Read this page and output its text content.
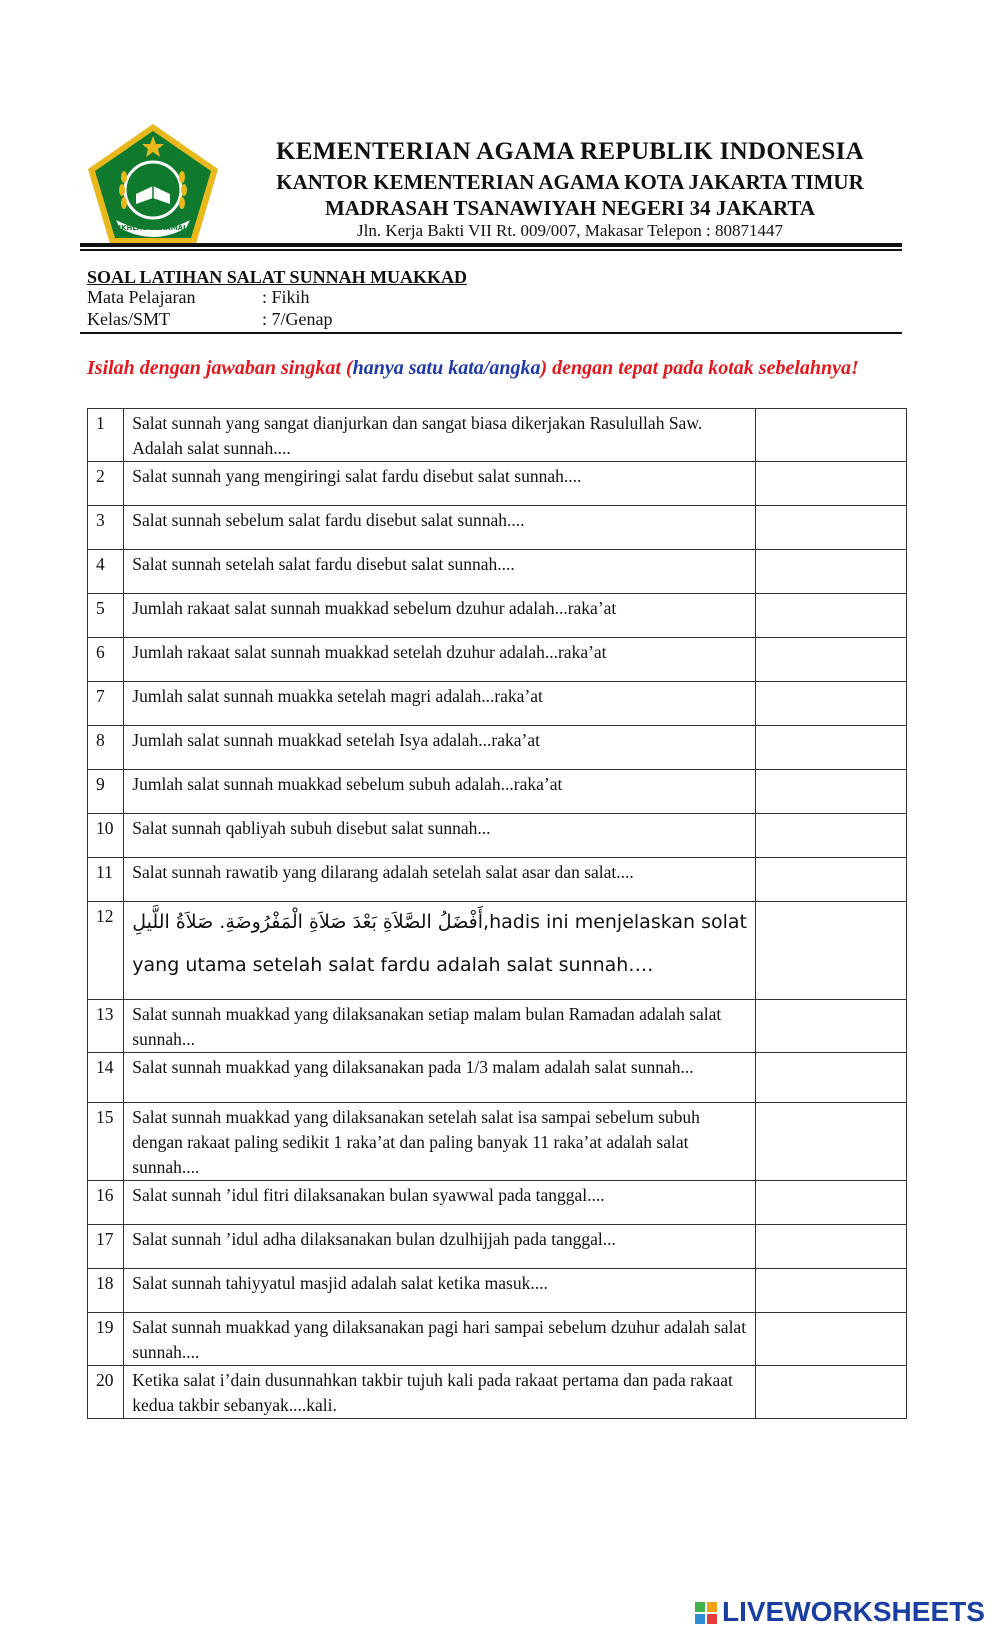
IKHLAS BERAMAL
KEMENTERIAN AGAMA REPUBLIK INDONESIA
KANTOR KEMENTERIAN AGAMA KOTA JAKARTA TIMUR
MADRASAH TSANAWIYAH NEGERI 34 JAKARTA
Jln. Kerja Bakti VII Rt. 009/007, Makasar Telepon : 80871447
SOAL LATIHAN SALAT SUNNAH MUAKKAD
Mata Pelajaran	: Fikih
Kelas/SMT	: 7/Genap
Isilah dengan jawaban singkat (hanya satu kata/angka) dengan tepat pada kotak sebelahnya!
1	Salat sunnah yang sangat dianjurkan dan sangat biasa dikerjakan Rasulullah Saw. Adalah salat sunnah....	
2	Salat sunnah yang mengiringi salat fardu disebut salat sunnah....	
3	Salat sunnah sebelum salat fardu disebut salat sunnah....	
4	Salat sunnah setelah salat fardu disebut salat sunnah....	
5	Jumlah rakaat salat sunnah muakkad sebelum dzuhur adalah...raka’at	
6	Jumlah rakaat salat sunnah muakkad setelah dzuhur adalah...raka’at	
7	Jumlah salat sunnah muakka setelah magri adalah...raka’at	
8	Jumlah salat sunnah muakkad setelah Isya adalah...raka’at	
9	Jumlah salat sunnah muakkad sebelum subuh adalah...raka’at	
10	Salat sunnah qabliyah subuh disebut salat sunnah...	
11	Salat sunnah rawatib yang dilarang adalah setelah salat asar dan salat....	
12	أَفْضَلُ الصَّلاَةِ بَعْدَ صَلاَةِ الْمَفْرُوضَةِ. صَلاَةُ اللَّيلِ,hadis ini menjelaskan solat
yang utama setelah salat fardu adalah salat sunnah….	

13	Salat sunnah muakkad yang dilaksanakan setiap malam bulan Ramadan adalah salat sunnah...	
14	Salat sunnah muakkad yang dilaksanakan pada 1/3 malam adalah salat sunnah...	
15	Salat sunnah muakkad yang dilaksanakan setelah salat isa sampai sebelum subuh dengan rakaat paling sedikit 1 raka’at dan paling banyak 11 raka’at adalah salat sunnah....	
16	Salat sunnah ’idul fitri dilaksanakan bulan syawwal pada tanggal....	
17	Salat sunnah ’idul adha dilaksanakan bulan dzulhijjah pada tanggal...	
18	Salat sunnah tahiyyatul masjid adalah salat ketika masuk....	
19	Salat sunnah muakkad yang dilaksanakan pagi hari sampai sebelum dzuhur adalah salat sunnah....	
20	Ketika salat i’dain dusunnahkan takbir tujuh kali pada rakaat pertama dan pada rakaat kedua takbir sebanyak....kali.	
LIVEWORKSHEETS
